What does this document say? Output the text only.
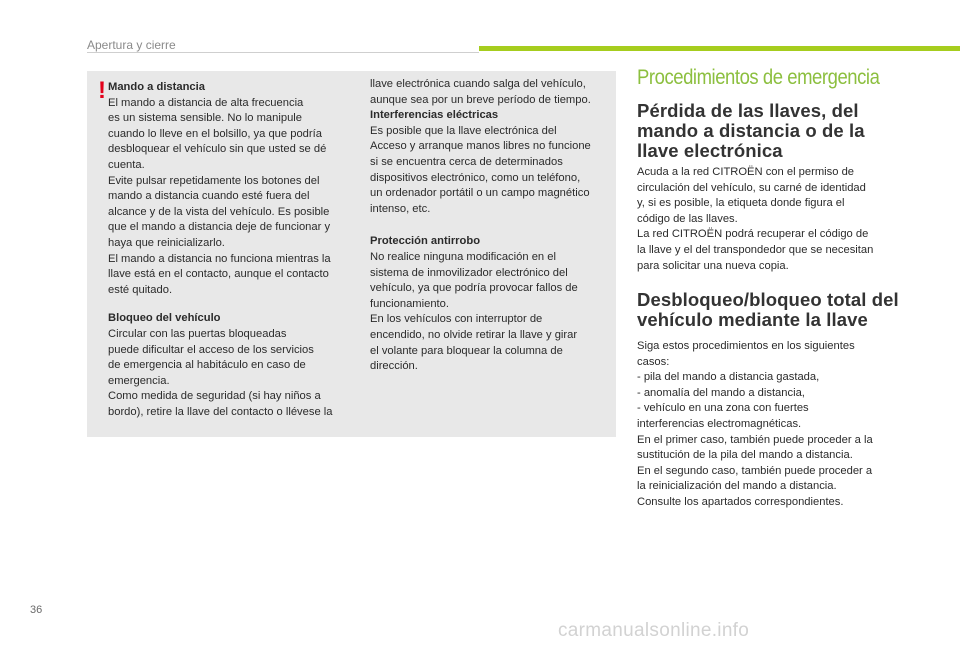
Apertura y cierre
! Mando a distancia

El mando a distancia de alta frecuencia
es un sistema sensible. No lo manipule
cuando lo lleve en el bolsillo, ya que podría
desbloquear el vehículo sin que usted se dé
cuenta.
Evite pulsar repetidamente los botones del
mando a distancia cuando esté fuera del
alcance y de la vista del vehículo. Es posible
que el mando a distancia deje de funcionar y
haya que reinicializarlo.
El mando a distancia no funciona mientras la
llave está en el contacto, aunque el contacto
esté quitado.

Bloqueo del vehículo

Circular con las puertas bloqueadas
puede dificultar el acceso de los servicios
de emergencia al habitáculo en caso de
emergencia.
Como medida de seguridad (si hay niños a
bordo), retire la llave del contacto o llévese la

llave electrónica cuando salga del vehículo,
aunque sea por un breve período de tiempo.

Interferencias eléctricas

Es posible que la llave electrónica del
Acceso y arranque manos libres no funcione
si se encuentra cerca de determinados
dispositivos electrónico, como un teléfono,
un ordenador portátil o un campo magnético
intenso, etc.

Protección antirrobo

No realice ninguna modificación en el
sistema de inmovilizador electrónico del
vehículo, ya que podría provocar fallos de
funcionamiento.
En los vehículos con interruptor de
encendido, no olvide retirar la llave y girar
el volante para bloquear la columna de
dirección.

Procedimientos de emergencia
Pérdida de las llaves, del
mando a distancia o de la
llave electrónica
Acuda a la red CITROËN con el permiso de
circulación del vehículo, su carné de identidad
y, si es posible, la etiqueta donde figura el
código de las llaves.
La red CITROËN podrá recuperar el código de
la llave y el del transpondedor que se necesitan
para solicitar una nueva copia.
Desbloqueo/bloqueo total del
vehículo mediante la llave
Siga estos procedimientos en los siguientes
casos:
- pila del mando a distancia gastada,
- anomalía del mando a distancia,
- vehículo en una zona con fuertes
interferencias electromagnéticas.
En el primer caso, también puede proceder a la
sustitución de la pila del mando a distancia.
En el segundo caso, también puede proceder a
la reinicialización del mando a distancia.
Consulte los apartados correspondientes.
36
carmanualsonline.info
